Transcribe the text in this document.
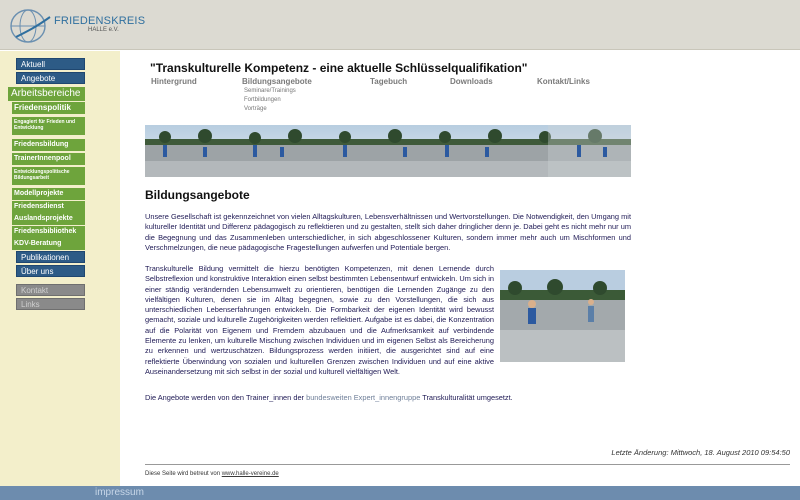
FRIEDENSKREIS
HALLE e.V.
Aktuell
Angebote
Arbeitsbereiche
Friedenspolitik
Engagiert für Frieden und Entwicklung
Friedensbildung
TrainerInnenpool
Entwicklungspolitische Bildungsarbeit
Modellprojekte
Friedensdienst
Auslandsprojekte
Friedensbibliothek
KDV-Beratung
Publikationen
Über uns
Kontakt
Links
"Transkulturelle Kompetenz - eine aktuelle Schlüsselqualifikation"
Hintergrund	Bildungsangebote	Tagebuch	Downloads	Kontakt/Links
Seminare/Trainings
Fortbildungen
Vorträge
Bildungsangebote

Unsere Gesellschaft ist gekennzeichnet von vielen Alltagskulturen, Lebensverhältnissen und Wertvorstellungen. Die Notwendigkeit, den Umgang mit kultureller Identität und Differenz pädagogisch zu reflektieren und zu gestalten, stellt sich daher dringlicher denn je. Dabei geht es nicht mehr nur um die Begegnung und das Zusammenleben unterschiedlicher, in sich abgeschlossener Kulturen, sondern immer mehr auch um Mischformen und Verschmelzungen, die neue pädagogische Fragestellungen aufwerfen und Potentiale bergen.

Transkulturelle Bildung vermittelt die hierzu benötigten Kompetenzen, mit denen Lernende durch Selbstreflexion und konstruktive Interaktion einen selbst bestimmten Lebensentwurf entwickeln. Um sich in einer ständig verändernden Lebensumwelt zu orientieren, benötigen die Lernenden Zugänge zu den vielfältigen Kulturen, denen sie im Alltag begegnen, sowie zu den Vorstellungen, die sich aus unterschiedlichen Lebenserfahrungen entwickeln. Die Formbarkeit der eigenen Identität wird bewusst gemacht, soziale und kulturelle Zugehörigkeiten werden reflektiert. Aufgabe ist es dabei, die Konzentration auf die Polarität von Eigenem und Fremdem abzubauen und die Aufmerksamkeit auf verbindende Elemente zu lenken, um kulturelle Mischung zwischen Individuen und im eigenen Selbst als Bereicherung zu erkennen und wertzuschätzen. Bildungsprozess werden initiiert, die ausgerichtet sind auf eine reflektierte Überwindung von sozialen und kulturellen Grenzen zwischen Individuen und auf eine aktive Auseinandersetzung mit sich selbst in der sozial und kulturell vielfältigen Welt.

Die Angebote werden von den Trainer_innen der bundesweiten Expert_innengruppe Transkulturalität umgesetzt.

Letzte Änderung: Mittwoch, 18. August 2010 09:54:50
Diese Seite wird betreut von www.halle-vereine.de
impressum
